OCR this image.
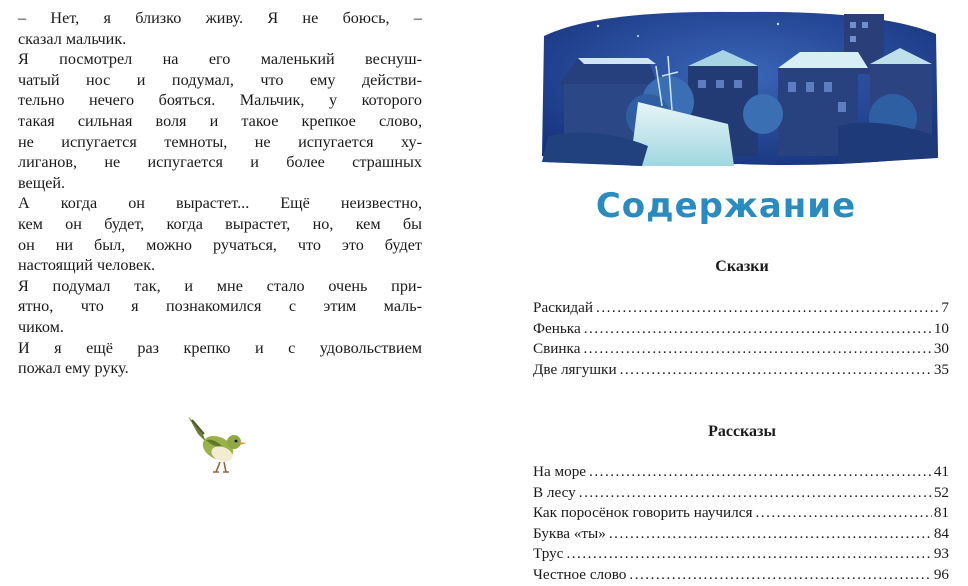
– Нет, я близко живу. Я не боюсь, –
сказал мальчик.

Я посмотрел на его маленький веснуш-
чатый нос и подумал, что ему действи-
тельно нечего бояться. Мальчик, у которого
такая сильная воля и такое крепкое слово,
не испугается темноты, не испугается ху-
лиганов, не испугается и более страшных
вещей.

А когда он вырастет... Ещё неизвестно,
кем он будет, когда вырастет, но, кем бы
он ни был, можно ручаться, что это будет
настоящий человек.

Я подумал так, и мне стало очень при-
ятно, что я познакомился с этим маль-
чиком.

И я ещё раз крепко и с удовольствием
пожал ему руку.

Содержание
Сказки
Раскидай .....	7
Фенька .....	10
Свинка .....	30
Две лягушки .....	35
Рассказы
На море .....	41
В лесу .....	52
Как поросёнок говорить научился .....	81
Буква «ты» .....	84
Трус .....	93
Честное слово .....	96
